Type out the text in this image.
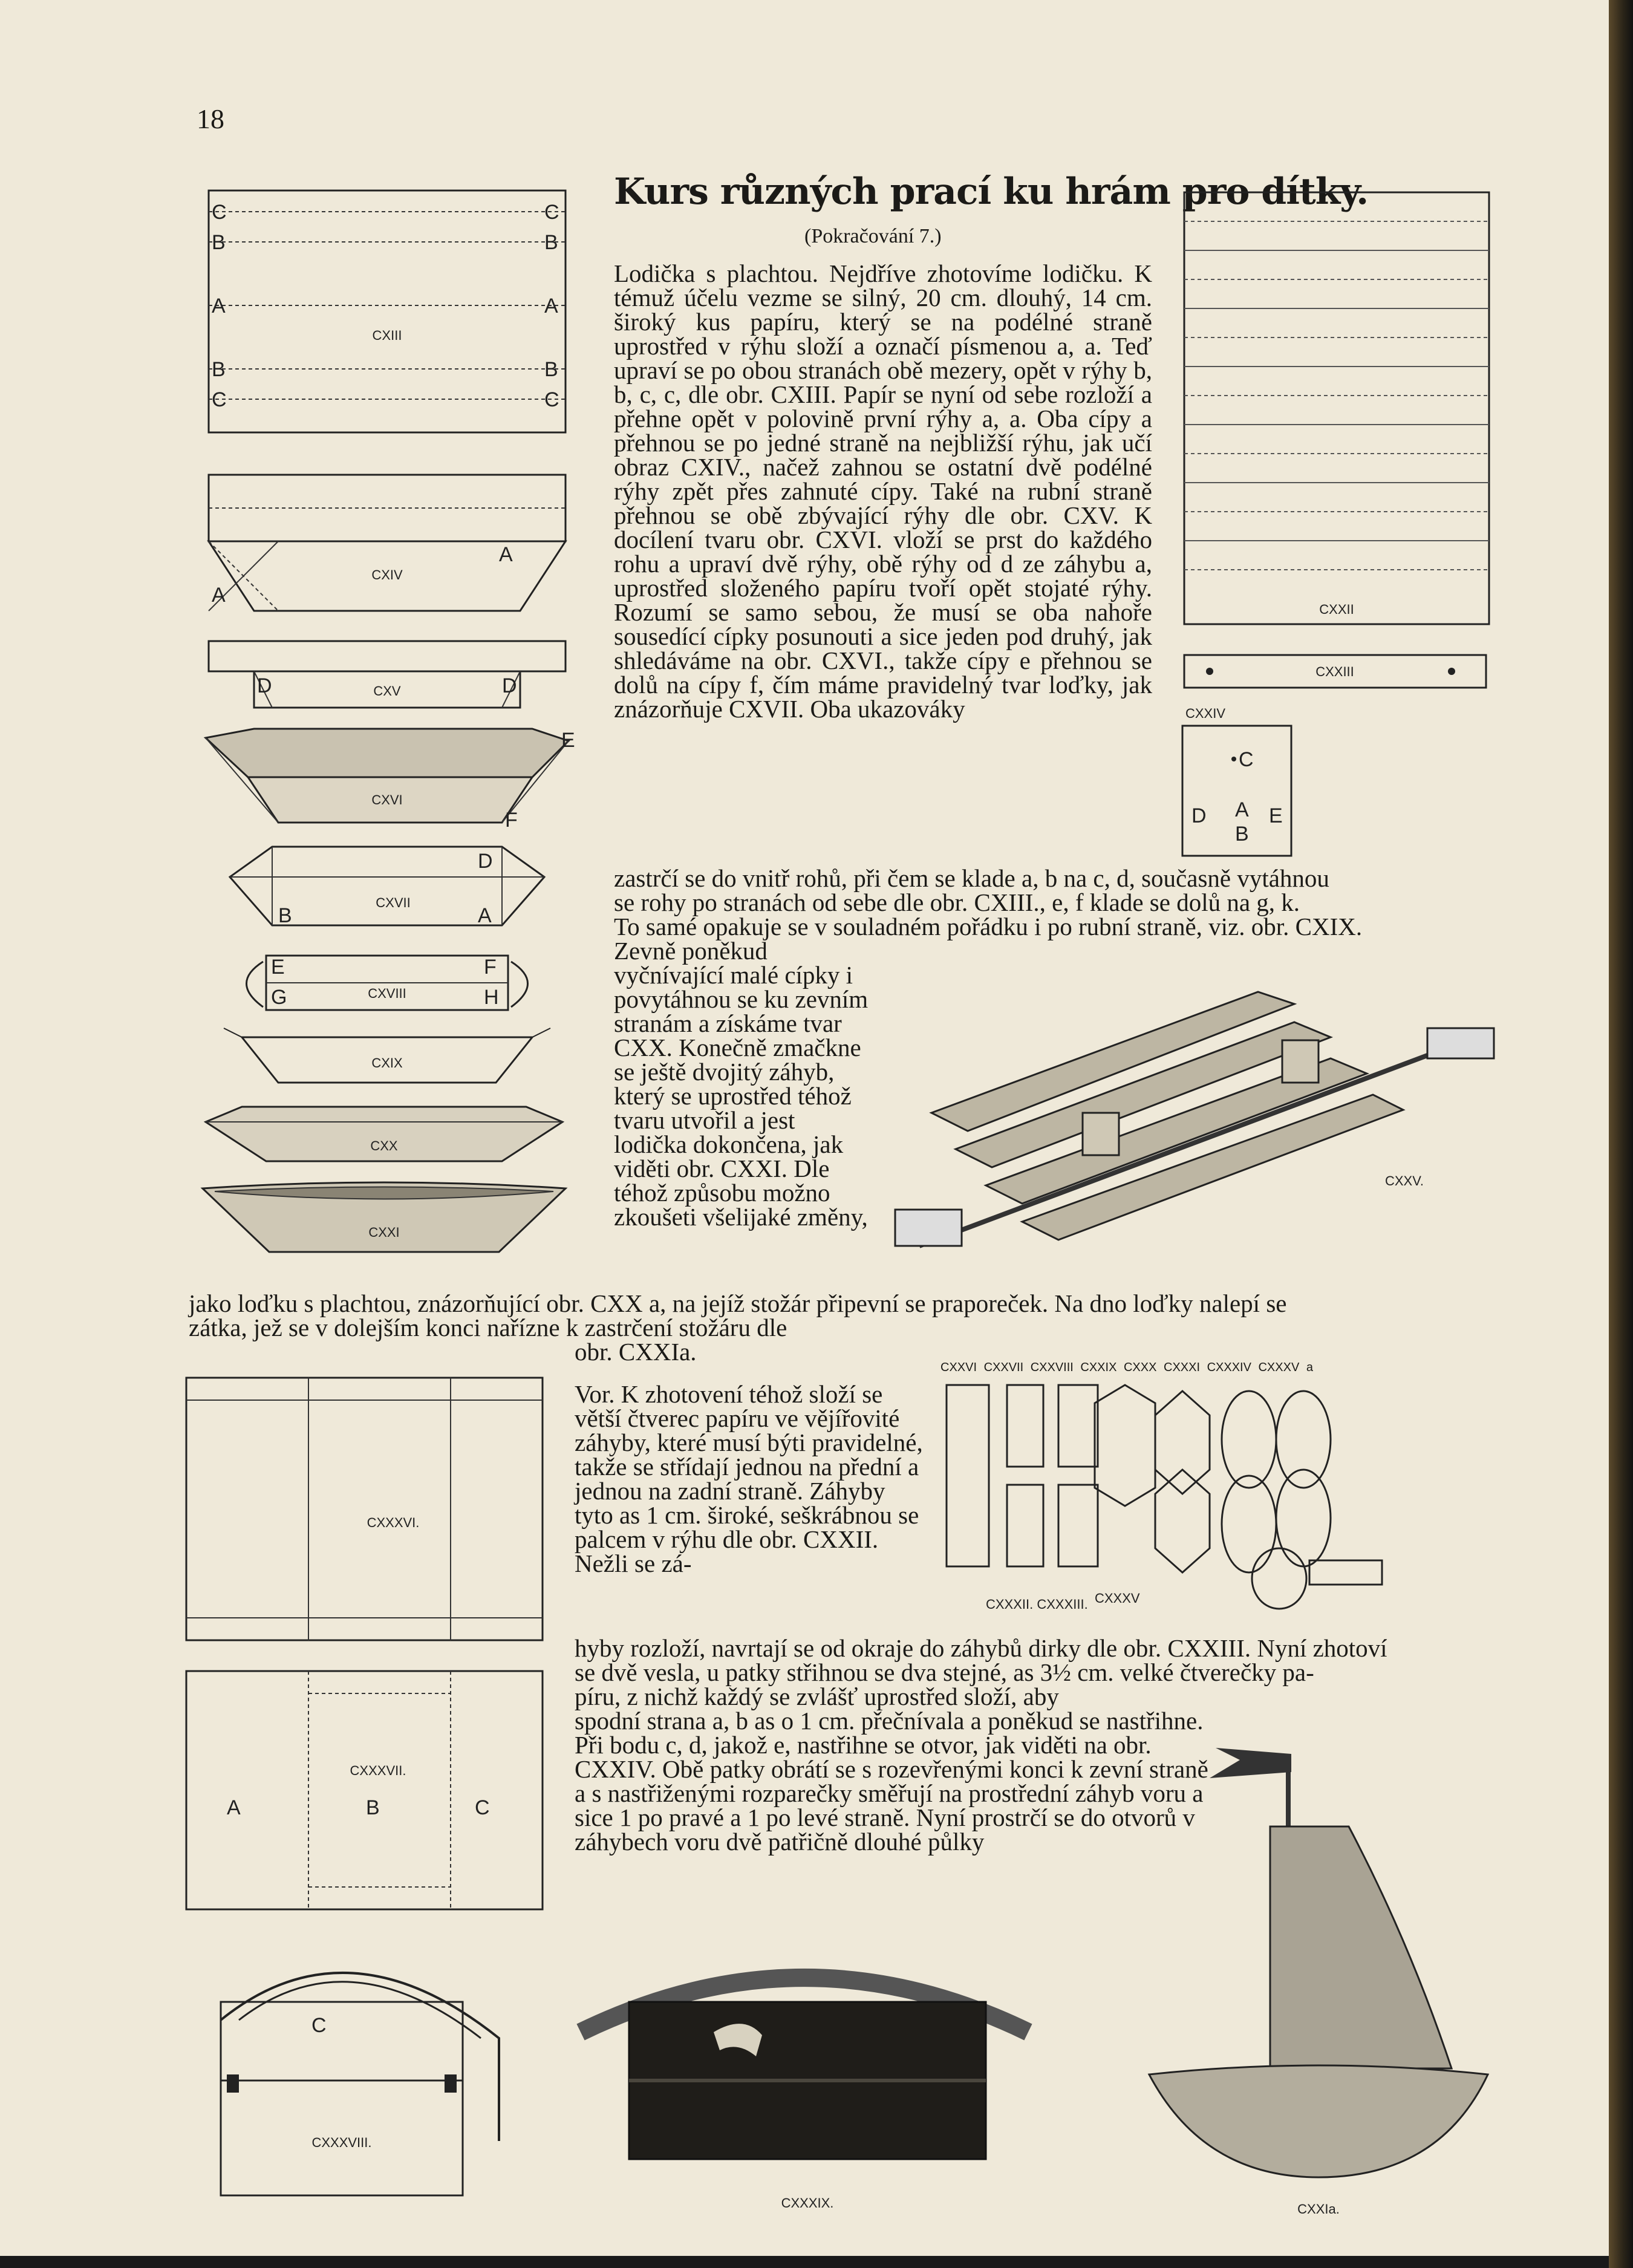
18
Kurs různých prací ku hrám pro dítky.
(Pokračování 7.)

Lodička s plachtou. Nejdříve zhotovíme lodičku. K témuž účelu vezme se silný, 20 cm. dlouhý, 14 cm. široký kus papíru, který se na podélné straně uprostřed v rýhu složí a označí písmenou a, a. Teď upraví se po obou stranách obě mezery, opět v rýhy b, b, c, c, dle obr. CXIII. Papír se nyní od sebe rozloží a přehne opět v polovině první rýhy a, a. Oba cípy a přehnou se po jedné straně na nejbližší rýhu, jak učí obraz CXIV., načež zahnou se ostatní dvě podélné rýhy zpět přes zahnuté cípy. Také na rubní straně přehnou se obě zbývající rýhy dle obr. CXV. K docílení tvaru obr. CXVI. vloží se prst do každého rohu a upraví dvě rýhy, obě rýhy od d ze záhybu a, uprostřed složeného papíru tvoří opět stojaté rýhy. Rozumí se samo sebou, že musí se oba nahoře sousedící cípky posunouti a sice jeden pod druhý, jak shledáváme na obr. CXVI., takže cípy e přehnou se dolů na cípy f, čím máme pravidelný tvar loďky, jak znázorňuje CXVII. Oba ukazováky

zastrčí se do vnitř rohů, při čem se klade a, b na c, d, současně vytáhnou
se rohy po stranách od sebe dle obr. CXIII., e, f klade se dolů na g, k.
To samé opakuje se v souladném pořádku i po rubní straně, viz. obr. CXIX.

Zevně poněkud vyčnívající malé cípky i povytáhnou se ku zevním stranám a získáme tvar CXX. Konečně zmačkne se ještě dvojitý záhyb, který se uprostřed téhož tvaru utvořil a jest lodička dokončena, jak viděti obr. CXXI. Dle téhož způsobu možno zkoušeti všelijaké změny,

jako loďku s plachtou, znázorňující obr. CXX a, na jejíž stožár připevní se praporeček. Na dno loďky nalepí se
zátka, jež se v dolejším konci nařízne k zastrčení stožáru dle
obr. CXXIa.

Vor. K zhotovení téhož složí se větší čtverec papíru ve vějířovité záhyby, které musí býti pravidelné, takže se střídají jednou na přední a jednou na zadní straně. Záhyby tyto as 1 cm. široké, seškrábnou se palcem v rýhu dle obr. CXXII. Nežli se zá-

hyby rozloží, navrtají se od okraje do záhybů dirky dle obr. CXXIII. Nyní zhotoví
se dvě vesla, u patky střihnou se dva stejné, as 3½ cm. velké čtverečky pa-
píru, z nichž každý se zvlášť uprostřed složí, aby

spodní strana a, b as o 1 cm. přečnívala a poněkud se nastřihne. Při bodu c, d, jakož e, nastřihne se otvor, jak viděti na obr. CXXIV. Obě patky obrátí se s rozevřenými konci k zevní straně a s nastřiženými rozparečky směřují na prostřední záhyb voru a sice 1 po pravé a 1 po levé straně. Nyní prostrčí se do otvorů v záhybech voru dvě patřičně dlouhé půlky

C	C
B	B
A	A
B	B
C	C
CXIII
A
A
CXIV
D	D
CXV
E
F
CXVI
B	A
D
CXVII
E	F
G	H
CXVIII
CXIX
CXX
CXXI
CXXII
CXXIII
CXXIV
C
D A E
B
CXXV.
CXXVI CXXVII CXXVIII CXXIX CXXX CXXXI CXXXIV CXXXV a
CXXXII. CXXXIII. CXXXV
CXXXVI.
A	B	C
CXXXVII.
C
CXXXVIII.
CXXXIX.	CXXIa.
